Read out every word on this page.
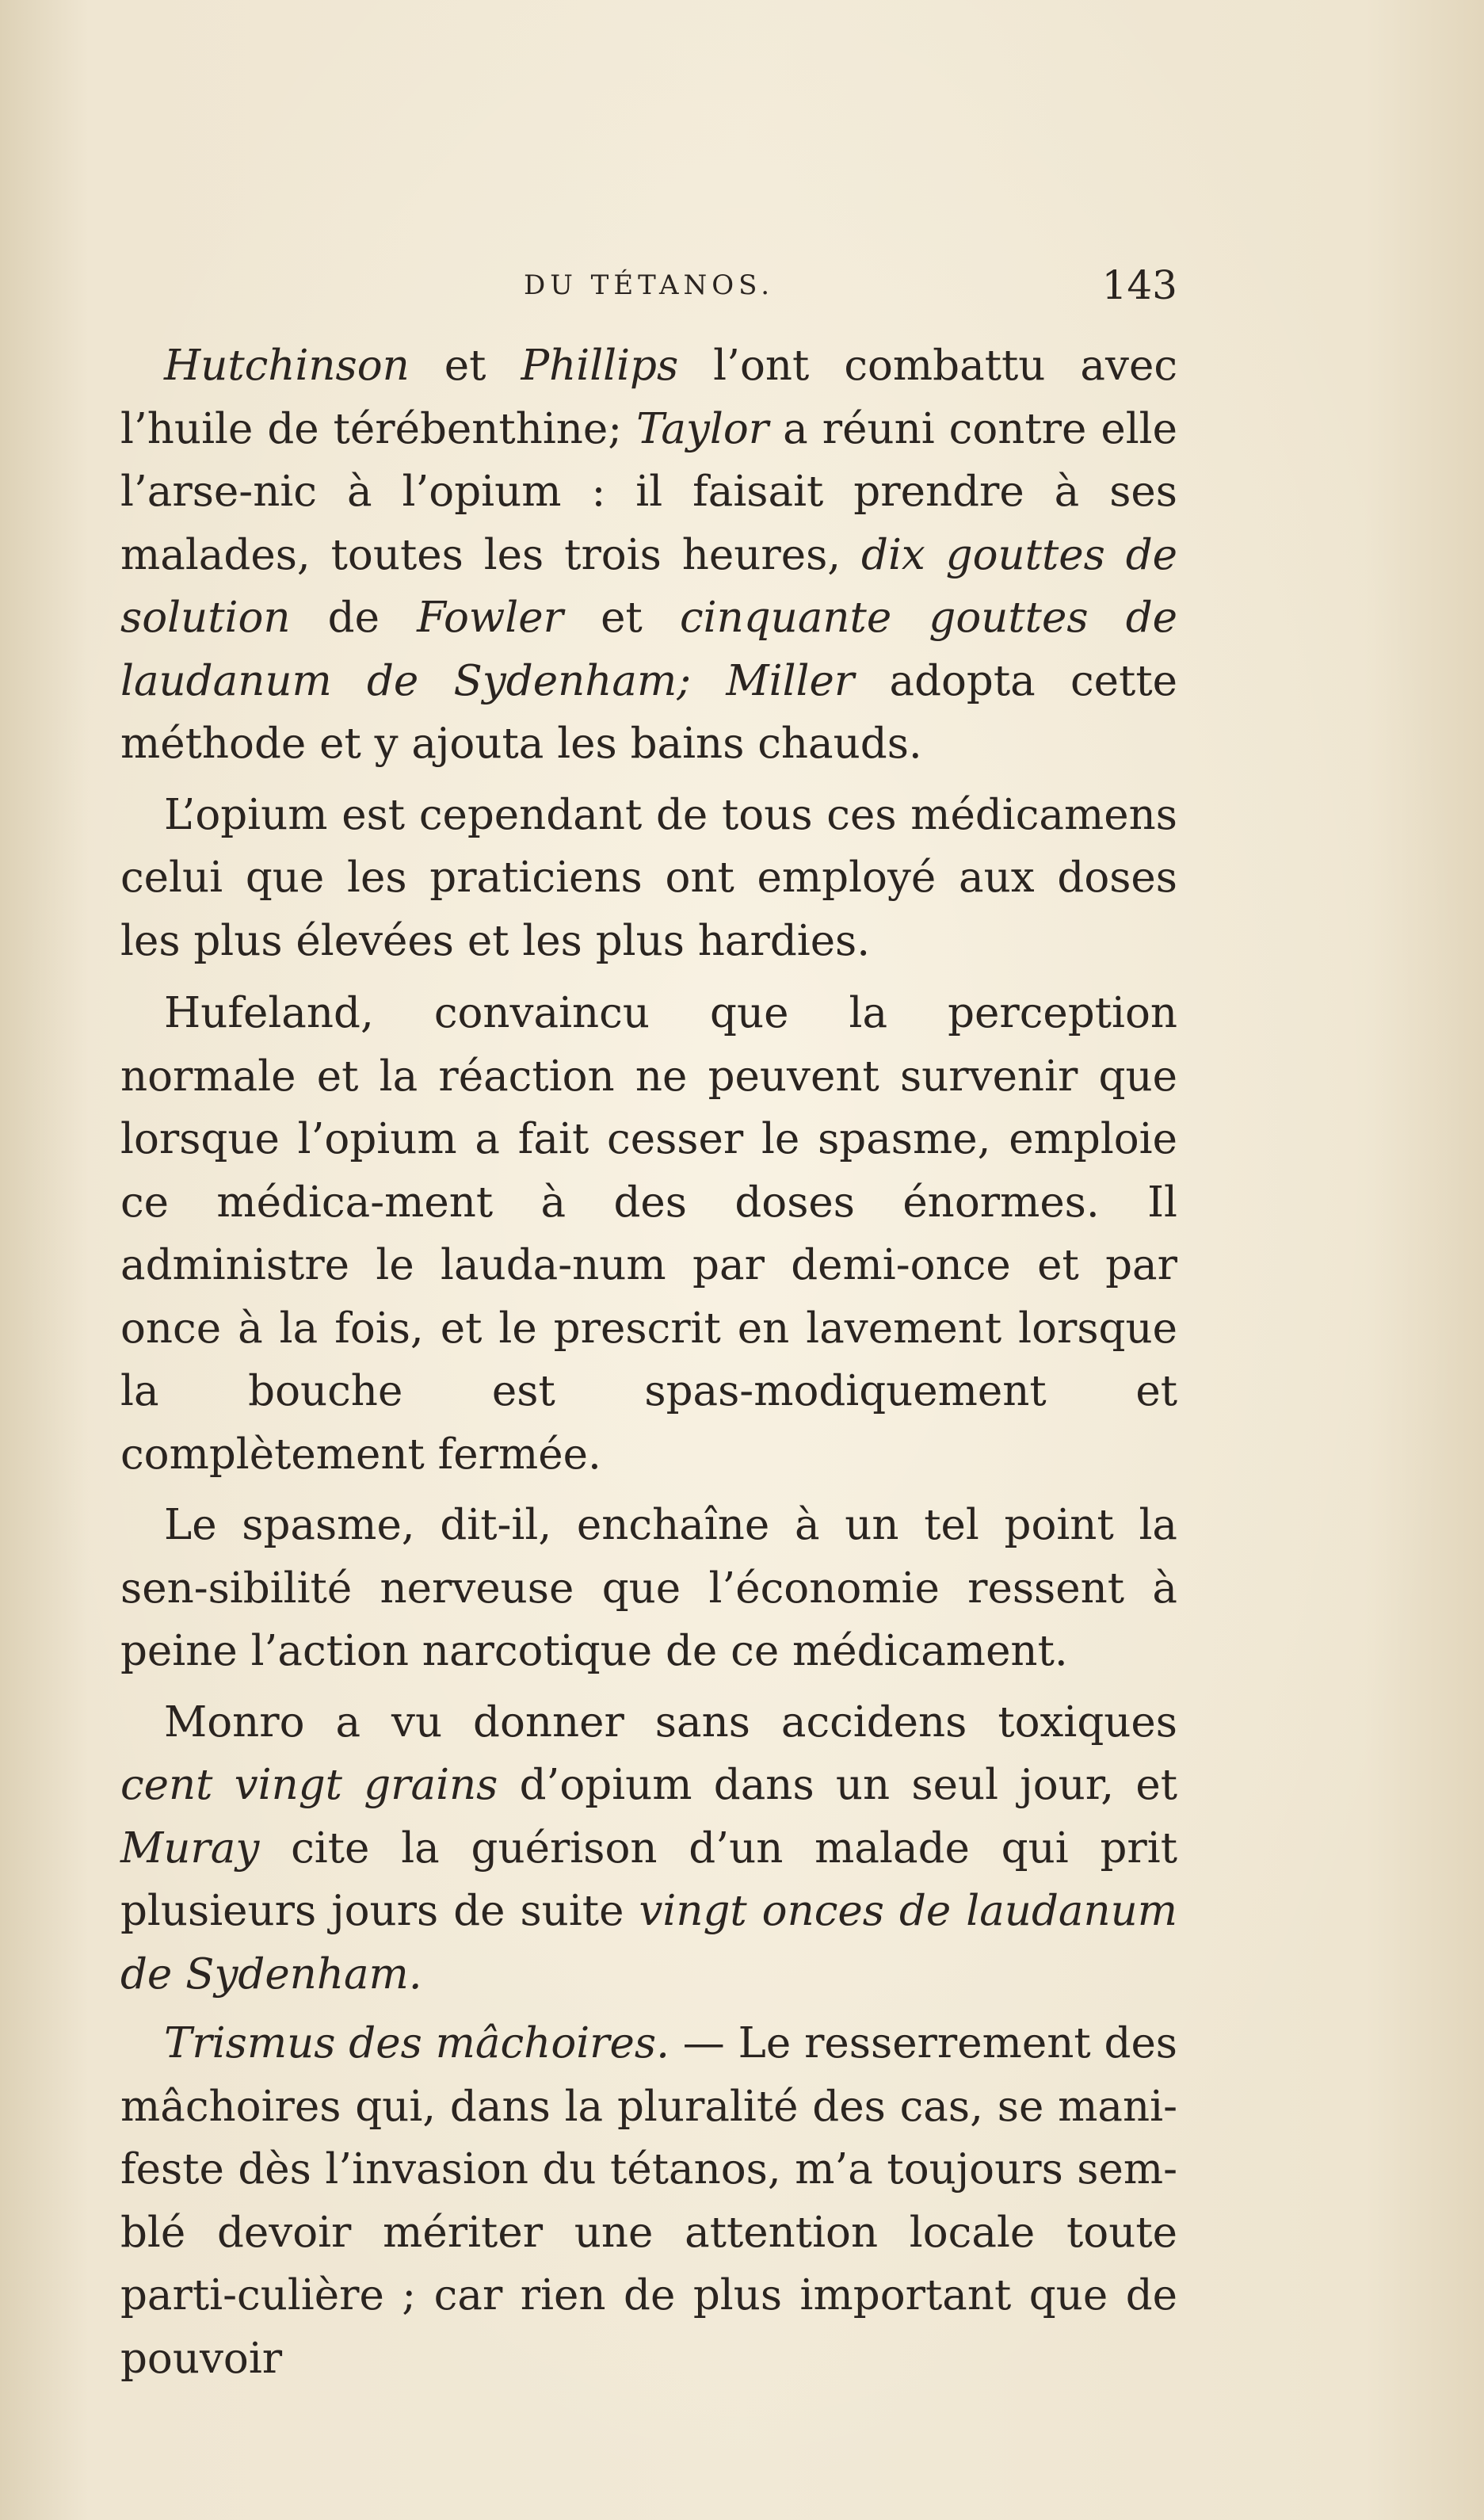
DU TÉTANOS.	143

Hutchinson et Phillips l’ont combattu avec l’huile de térébenthine; Taylor a réuni contre elle l’arse-nic à l’opium : il faisait prendre à ses malades, toutes les trois heures, dix gouttes de solution de Fowler et cinquante gouttes de laudanum de Sydenham; Miller adopta cette méthode et y ajouta les bains chauds.

L’opium est cependant de tous ces médicamens celui que les praticiens ont employé aux doses les plus élevées et les plus hardies.

Hufeland, convaincu que la perception normale et la réaction ne peuvent survenir que lorsque l’opium a fait cesser le spasme, emploie ce médica-ment à des doses énormes. Il administre le lauda-num par demi-once et par once à la fois, et le prescrit en lavement lorsque la bouche est spas-modiquement et complètement fermée.

Le spasme, dit-il, enchaîne à un tel point la sen-sibilité nerveuse que l’économie ressent à peine l’action narcotique de ce médicament.

Monro a vu donner sans accidens toxiques cent vingt grains d’opium dans un seul jour, et Muray cite la guérison d’un malade qui prit plusieurs jours de suite vingt onces de laudanum de Sydenham.

Trismus des mâchoires. — Le resserrement des mâchoires qui, dans la pluralité des cas, se mani-feste dès l’invasion du tétanos, m’a toujours sem-blé devoir mériter une attention locale toute parti-culière ; car rien de plus important que de pouvoir
